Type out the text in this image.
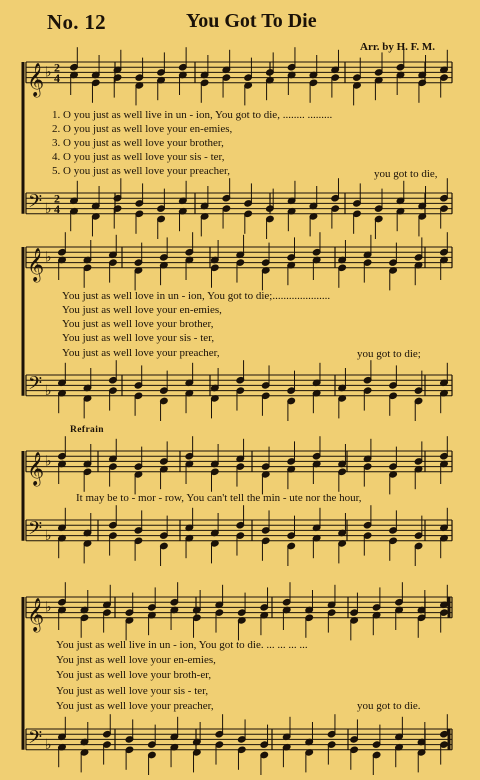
No. 12	You Got To Die
Arr. by H. F. M.
𝄞 ♭
𝄢 ♭
2
4
2
4
𝄞 ♭
𝄢 ♭
𝄞 ♭
𝄢 ♭
𝄞 ♭
𝄢 ♭
1. O you just as well live in un - ion, You got to die, ........ .........
2. O you just as well love your en-emies,
3. O you just as well love your brother,
4. O you just as well love your sis - ter,
5. O you just as well love your preacher,	you got to die,
You just as well love in un - ion, You got to die;.....................
You just as well love your en-emies,
You just as well love your brother,
You just as well love your sis - ter,
You just as well love your preacher,	you got to die;
Refrain
It may be to - mor - row, You can't tell the min - ute nor the hour,
You just as well live in un - ion, You got to die. ... ... ... ...
You jnst as well love your en-emies,
You just as well love your broth-er,
You just as well love your sis - ter,
You just as well love your preacher,	you got to die.
